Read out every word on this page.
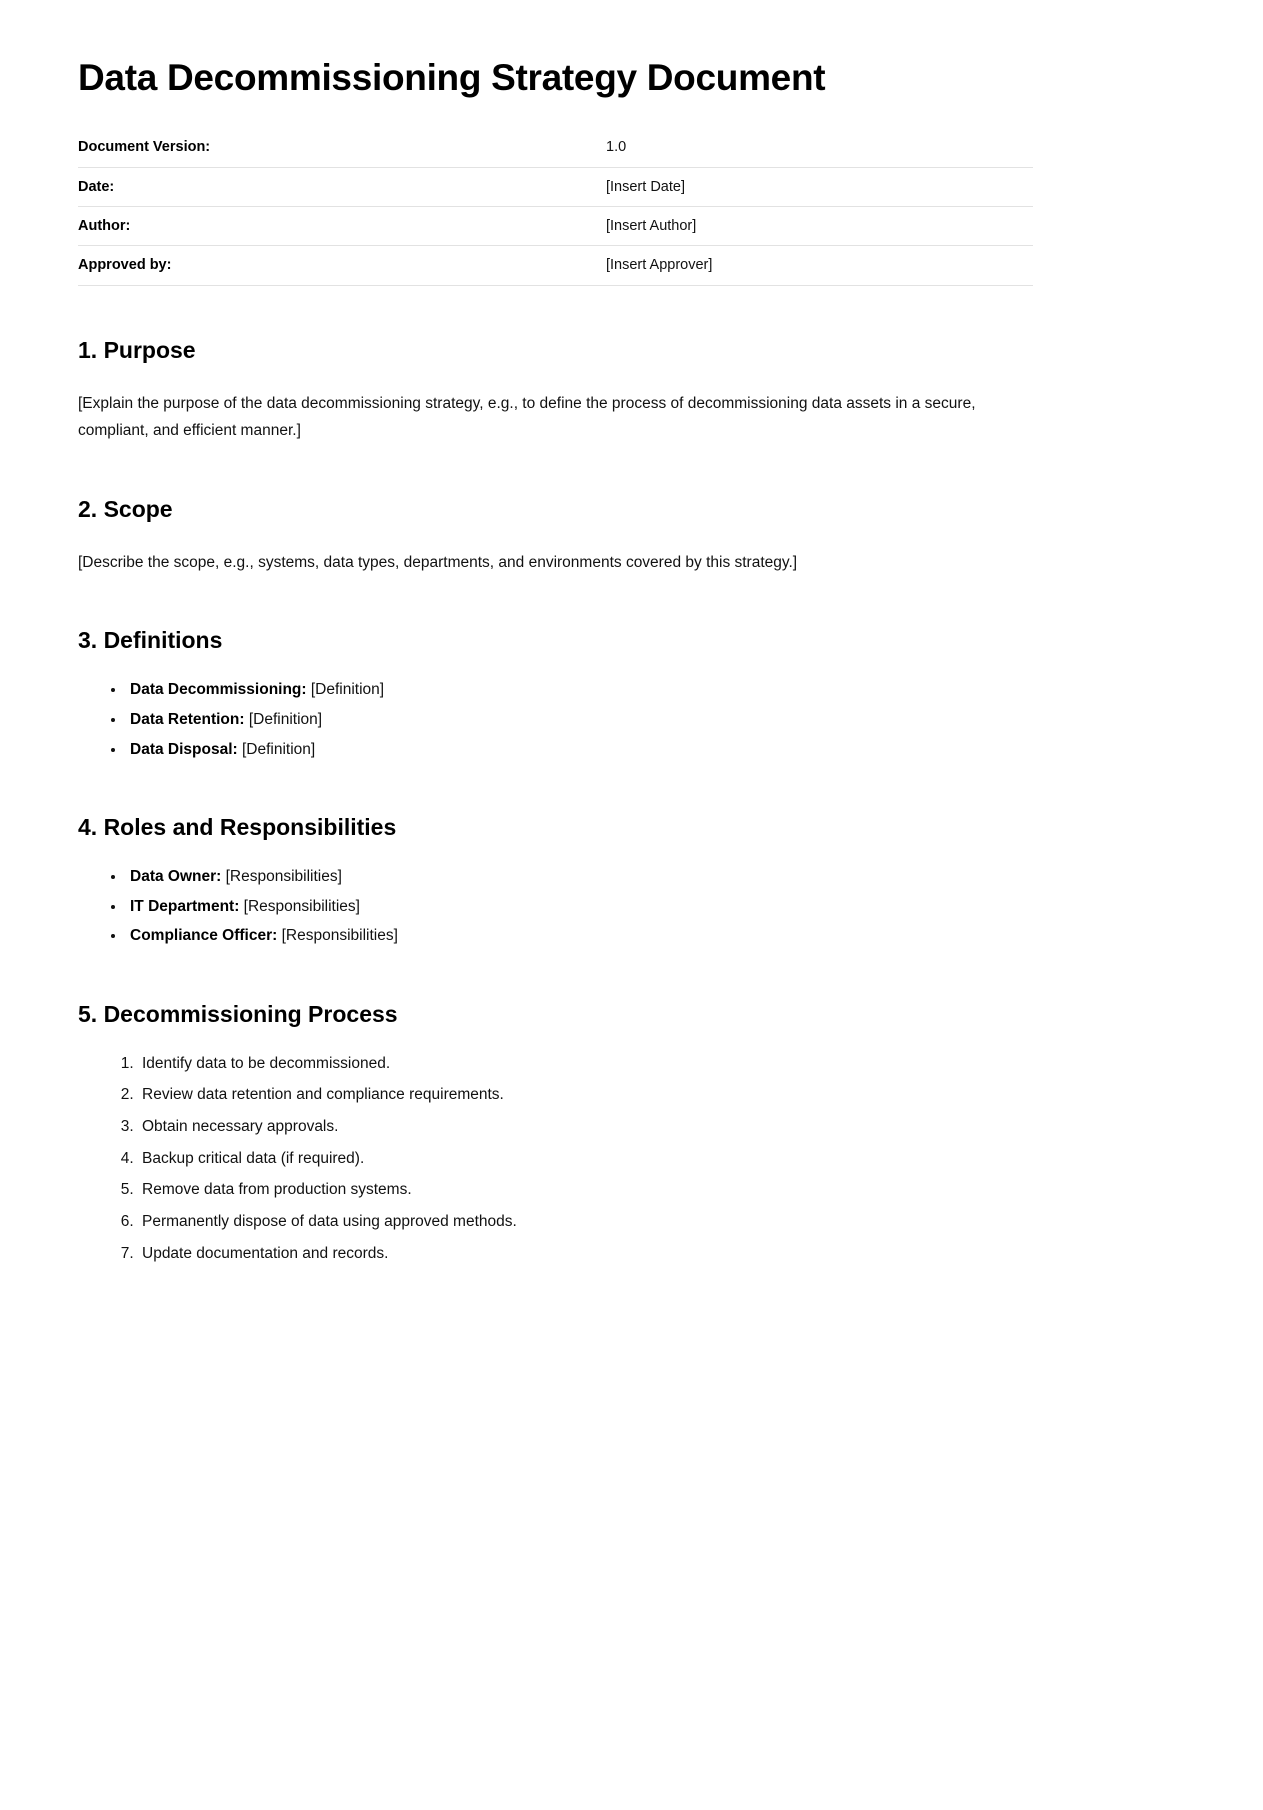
Data Decommissioning Strategy Document
Document Version:	1.0
Date:	[Insert Date]
Author:	[Insert Author]
Approved by:	[Insert Approver]
1. Purpose

[Explain the purpose of the data decommissioning strategy, e.g., to define the process of decommissioning data assets in a secure, compliant, and efficient manner.]

2. Scope

[Describe the scope, e.g., systems, data types, departments, and environments covered by this strategy.]

3. Definitions
• Data Decommissioning: [Definition]
• Data Retention: [Definition]
• Data Disposal: [Definition]
4. Roles and Responsibilities
• Data Owner: [Responsibilities]
• IT Department: [Responsibilities]
• Compliance Officer: [Responsibilities]
5. Decommissioning Process
1. Identify data to be decommissioned.
2. Review data retention and compliance requirements.
3. Obtain necessary approvals.
4. Backup critical data (if required).
5. Remove data from production systems.
6. Permanently dispose of data using approved methods.
7. Update documentation and records.
